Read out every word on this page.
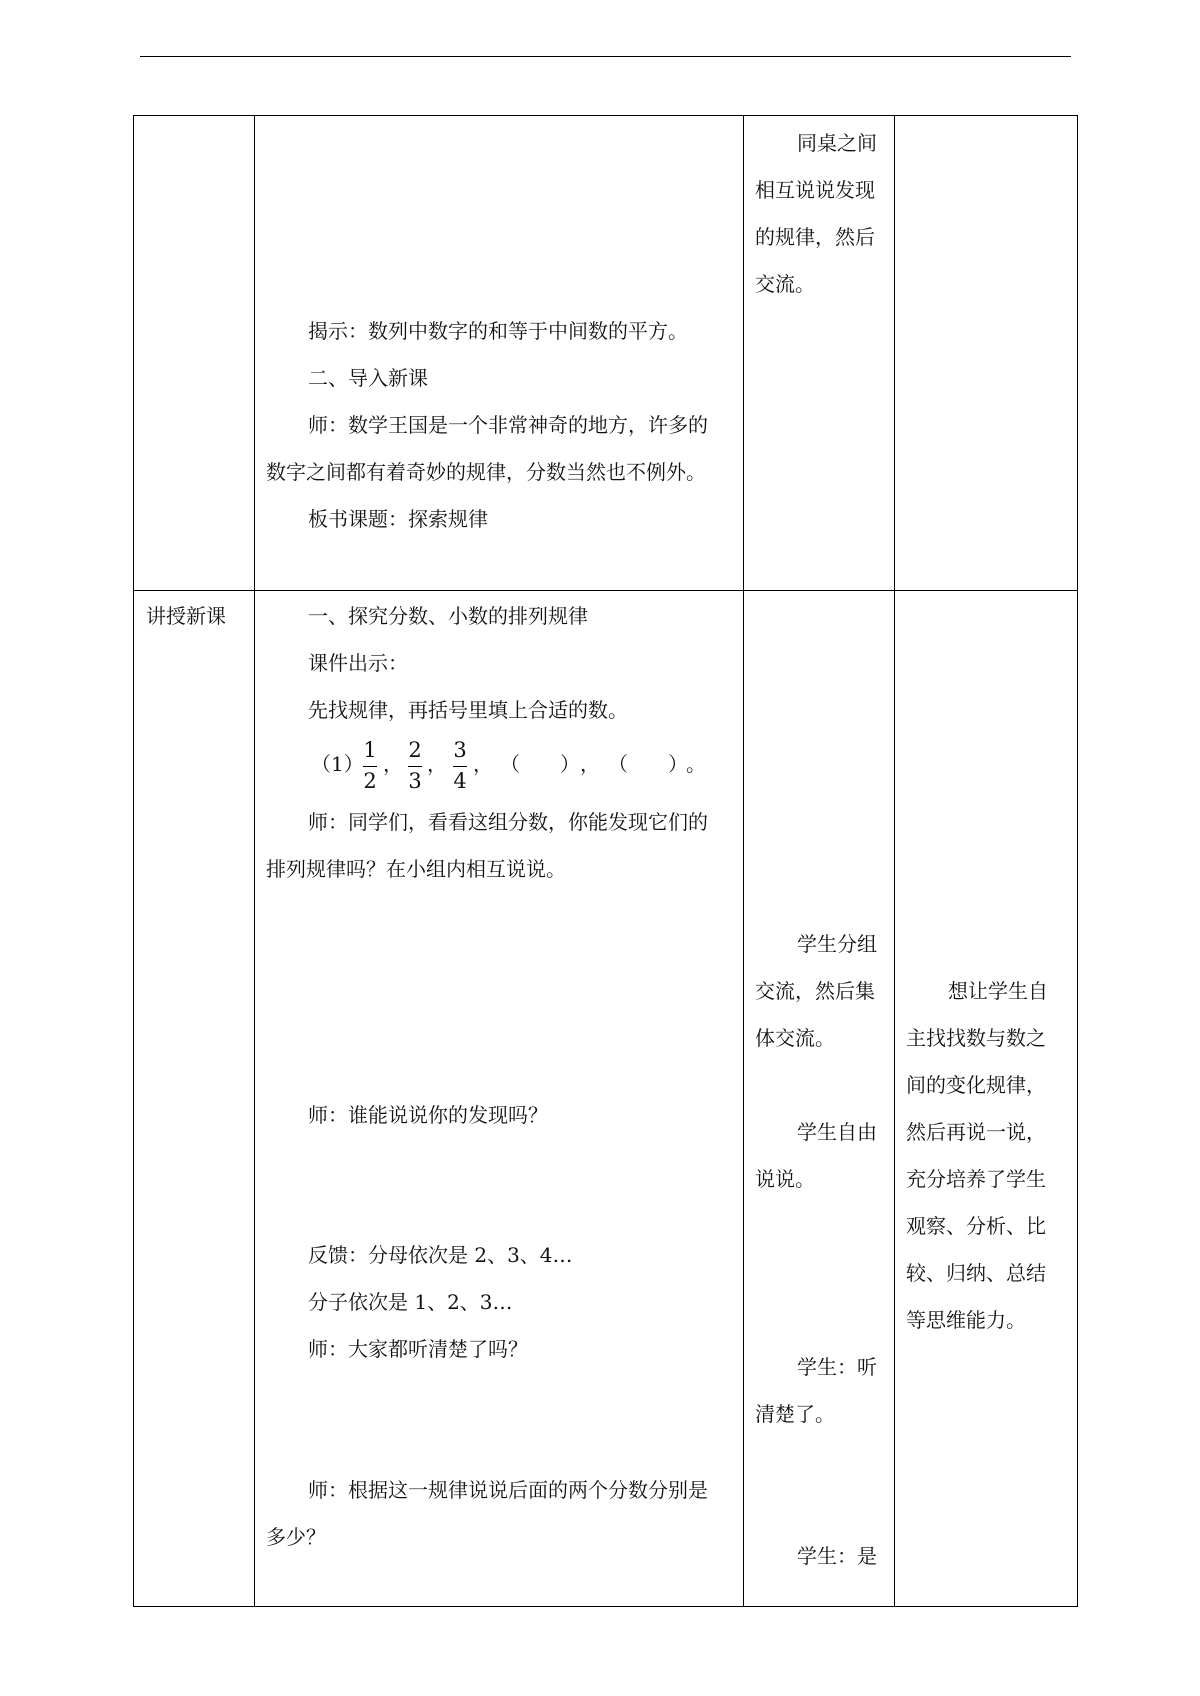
同桌之间
相互说说发现
的规律，然后
交流。
揭示：数列中数字的和等于中间数的平方。
二、导入新课
师：数学王国是一个非常神奇的地方，许多的
数字之间都有着奇妙的规律，分数当然也不例外。
板书课题：探索规律
讲授新课	一、探究分数、小数的排列规律
课件出示：
先找规律，再括号里填上合适的数。
（1）
1
2
，
2
3
，
3
4
， （　　） ， （　　）
。
师：同学们，看看这组分数，你能发现它们的
排列规律吗？在小组内相互说说。
师：谁能说说你的发现吗？
反馈：分母依次是 2、3、4…
分子依次是 1、2、3…
师：大家都听清楚了吗？
师：根据这一规律说说后面的两个分数分别是
多少？
学生分组
交流，然后集
体交流。
学生自由
说说。
学生：听
清楚了。
学生：是
想让学生自
主找找数与数之
间的变化规律，
然后再说一说，
充分培养了学生
观察、分析、比
较、归纳、总结
等思维能力。
